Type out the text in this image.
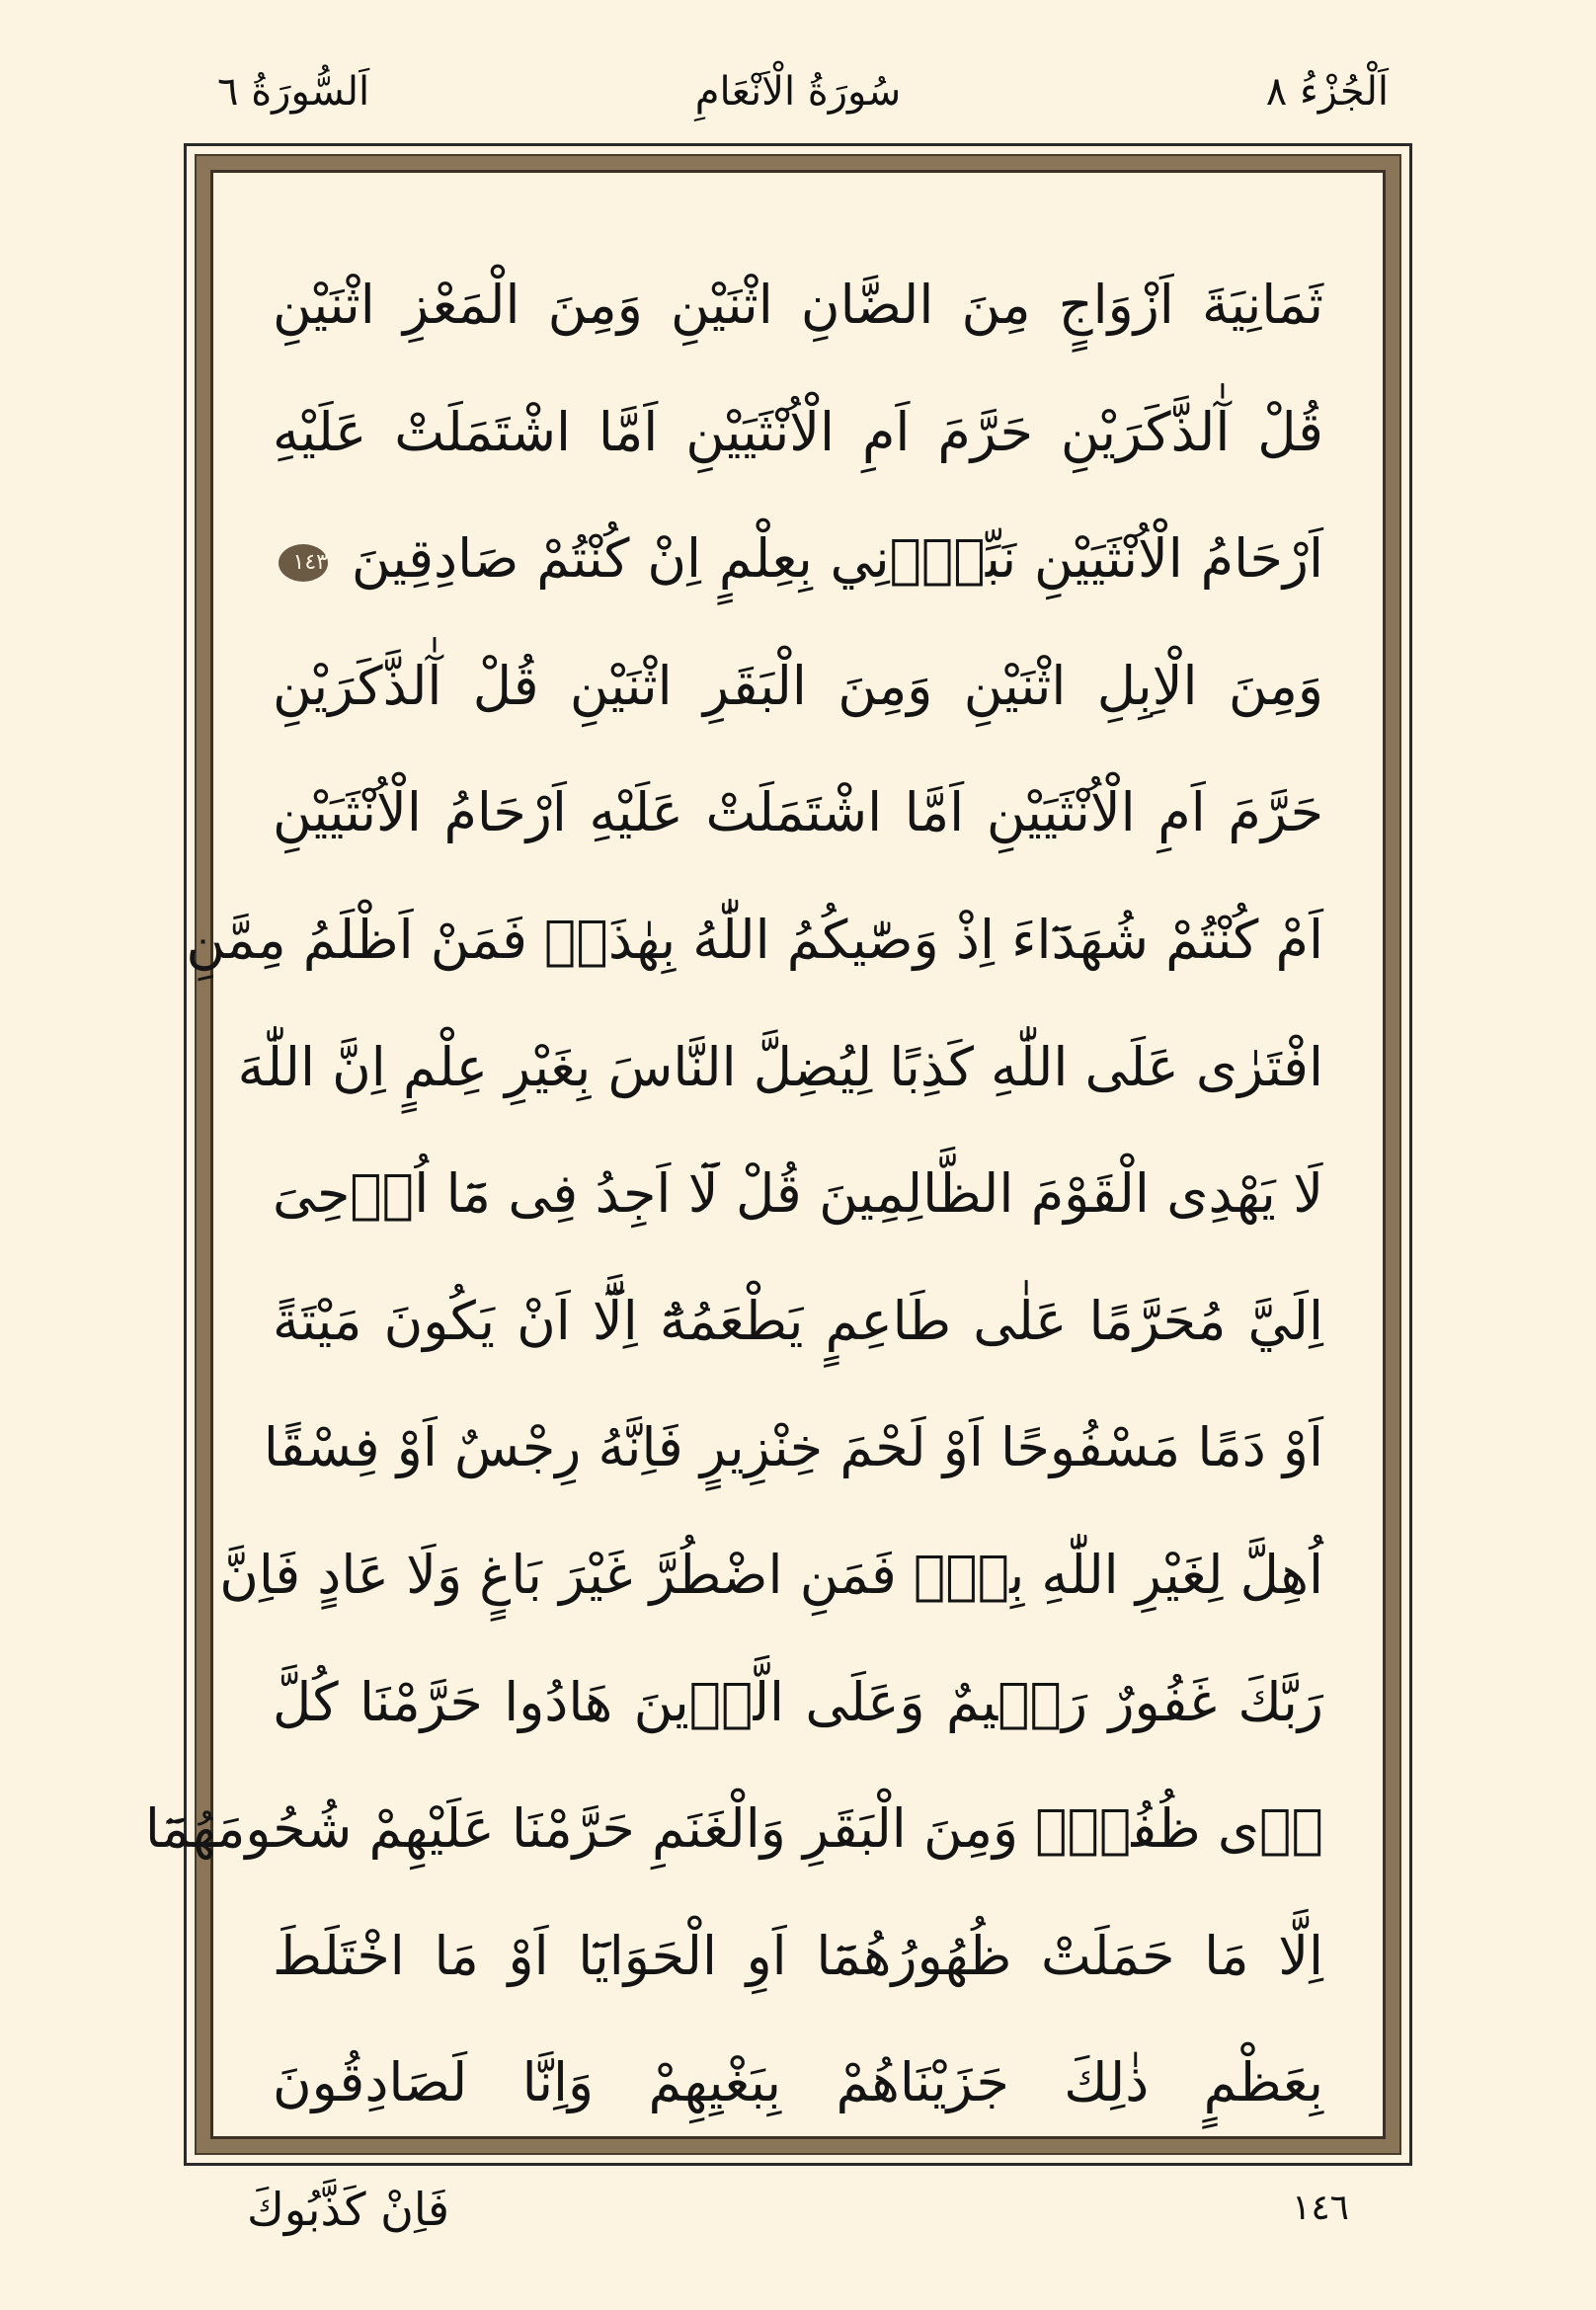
اَلْجُزْءُ ٨
سُورَةُ الْاَنْعَامِ
اَلسُّورَةُ ٦
ثَمَانِيَةَ اَزْوَاجٍ مِنَ الضَّانِ اثْنَيْنِ وَمِنَ الْمَعْزِ اثْنَيْنِ
قُلْ آٰلذَّكَرَيْنِ حَرَّمَ اَمِ الْاُنْثَيَيْنِ اَمَّا اشْتَمَلَتْ عَلَيْهِ
اَرْحَامُ الْاُنْثَيَيْنِ نَبِّؤُ۫نِي بِعِلْمٍ اِنْ كُنْتُمْ صَادِقِينَ ١٤٣
وَمِنَ الْاِبِلِ اثْنَيْنِ وَمِنَ الْبَقَرِ اثْنَيْنِ قُلْ آٰلذَّكَرَيْنِ
حَرَّمَ اَمِ الْاُنْثَيَيْنِ اَمَّا اشْتَمَلَتْ عَلَيْهِ اَرْحَامُ الْاُنْثَيَيْنِ
اَمْ كُنْتُمْ شُهَدَٓاءَ اِذْ وَصّٰيكُمُ اللّٰهُ بِهٰذَاۚ فَمَنْ اَظْلَمُ مِمَّنِ
افْتَرٰى عَلَى اللّٰهِ كَذِبًا لِيُضِلَّ النَّاسَ بِغَيْرِ عِلْمٍ اِنَّ اللّٰهَ
لَا يَهْدِى الْقَوْمَ الظَّالِمِينَ قُلْ لَٓا اَجِدُ فِى مَٓا اُو۫حِىَ
اِلَيَّ مُحَرَّمًا عَلٰى طَاعِمٍ يَطْعَمُهُٓ اِلَّٓا اَنْ يَكُونَ مَيْتَةً
اَوْ دَمًا مَسْفُوحًا اَوْ لَحْمَ خِنْزِيرٍ فَاِنَّهُ رِجْسٌ اَوْ فِسْقًا
اُهِلَّ لِغَيْرِ اللّٰهِ بِه۪ۚ فَمَنِ اضْطُرَّ غَيْرَ بَاغٍ وَلَا عَادٍ فَاِنَّ
رَبَّكَ غَفُورٌ رَح۪يمٌ وَعَلَى الَّذ۪ينَ هَادُوا حَرَّمْنَا كُلَّ
ذ۪ى ظُفُرٍۚ وَمِنَ الْبَقَرِ وَالْغَنَمِ حَرَّمْنَا عَلَيْهِمْ شُحُومَهُمَٓا
اِلَّا مَا حَمَلَتْ ظُهُورُهُمَٓا اَوِ الْحَوَايَٓا اَوْ مَا اخْتَلَطَ
بِعَظْمٍ ذٰلِكَ جَزَيْنَاهُمْ بِبَغْيِهِمْ وَاِنَّا لَصَادِقُونَ
فَاِنْ كَذَّبُوكَ	١٤٦
